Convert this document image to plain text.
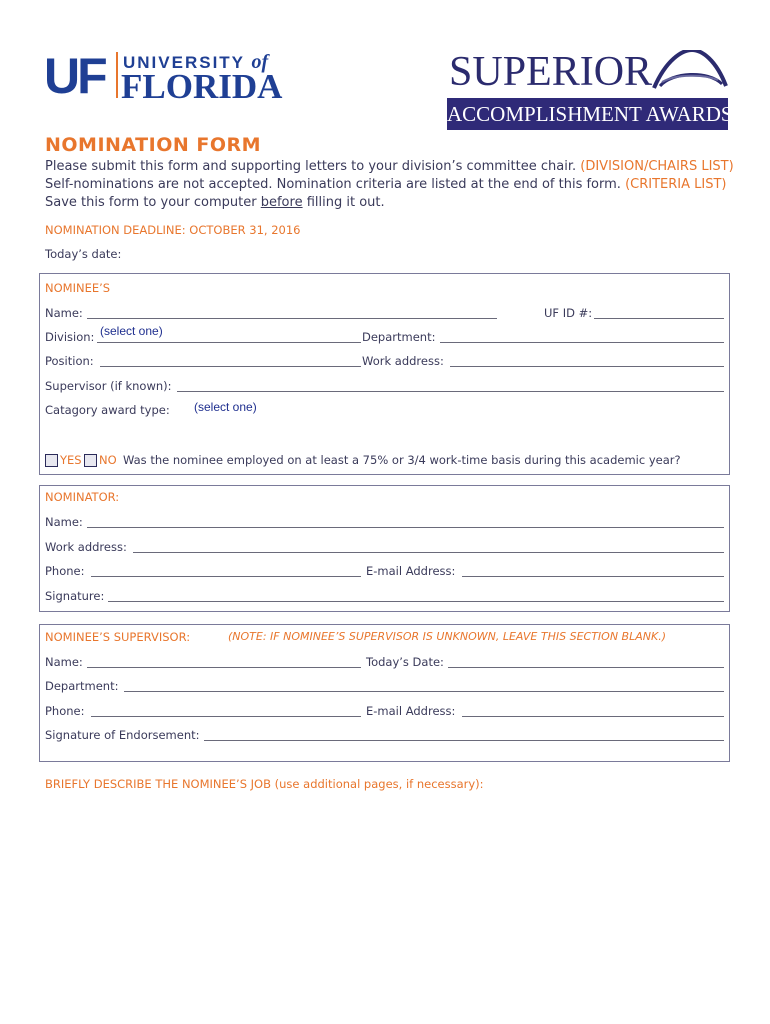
UF	UNIVERSITY of
FLORIDA	SUPERIOR
ACCOMPLISHMENT AWARDS
NOMINATION FORM
Please submit this form and supporting letters to your division’s committee chair. (DIVISION/CHAIRS LIST)
Self-nominations are not accepted. Nomination criteria are listed at the end of this form. (CRITERIA LIST)
Save this form to your computer before filling it out.
NOMINATION DEADLINE: OCTOBER 31, 2016
Today’s date:
NOMINEE’S
Name:	UF ID #:
Division: (select one)	Department:
Position:	Work address:
Supervisor (if known):
Catagory award type: (select one)
YES NO Was the nominee employed on at least a 75% or 3/4 work-time basis during this academic year?
NOMINATOR:
Name:
Work address:
Phone:	E-mail Address:
Signature:
NOMINEE’S SUPERVISOR:	(NOTE: IF NOMINEE’S SUPERVISOR IS UNKNOWN, LEAVE THIS SECTION BLANK.)
Name:	Today’s Date:
Department:
Phone:	E-mail Address:
Signature of Endorsement:
BRIEFLY DESCRIBE THE NOMINEE’S JOB (use additional pages, if necessary):
